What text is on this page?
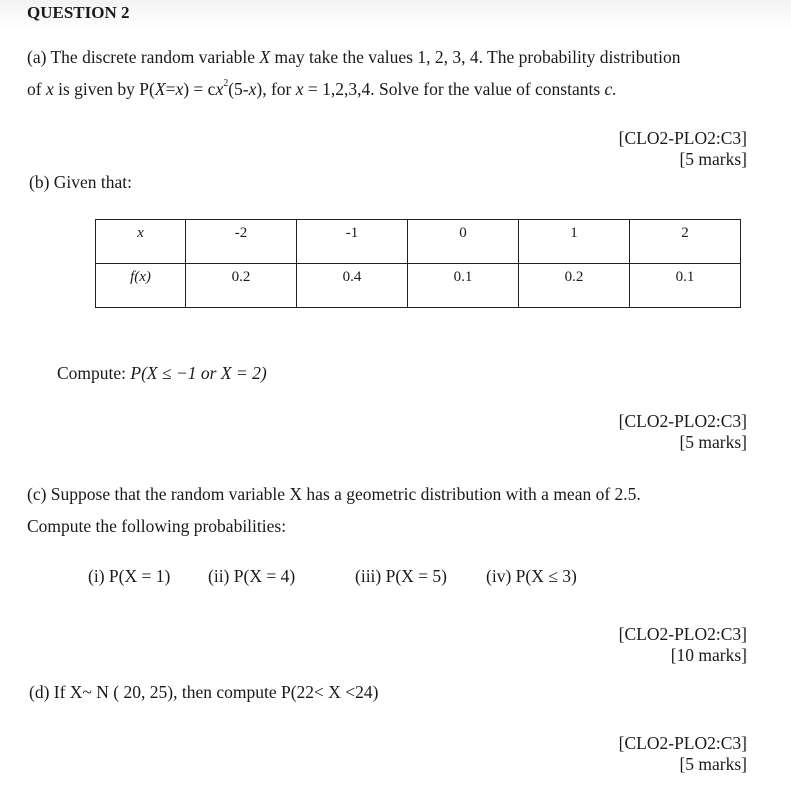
QUESTION 2
(a) The discrete random variable X may take the values 1, 2, 3, 4. The probability distribution
of x is given by $P(X=x) = cx^2(5-x)$, for x = 1,2,3,4. Solve for the value of constants c.
[CLO2-PLO2:C3]
[5 marks]
(b) Given that:
x	-2	-1	0	1	2
f(x)	0.2	0.4	0.1	0.2	0.1
Compute: P(X ≤ −1 or X = 2)
[CLO2-PLO2:C3]
[5 marks]
(c) Suppose that the random variable X has a geometric distribution with a mean of 2.5.
Compute the following probabilities:
(i) P(X = 1) (ii) P(X = 4)	(iii) P(X = 5) (iv) P(X ≤ 3)
[CLO2-PLO2:C3]
[10 marks]
(d) If X~ N ( 20, 25), then compute P(22< X <24)
[CLO2-PLO2:C3]
[5 marks]
